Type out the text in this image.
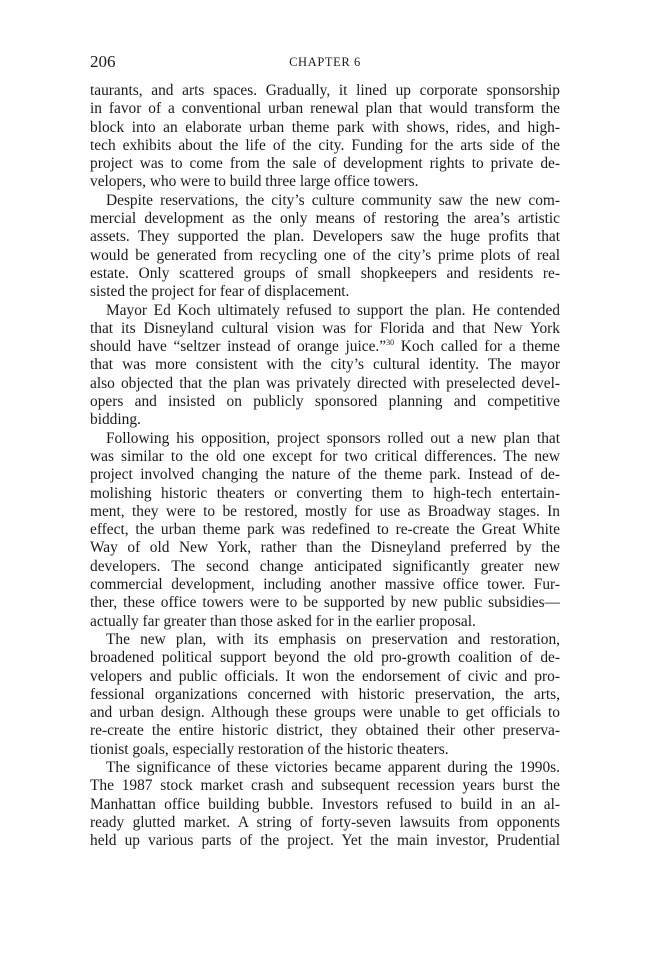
206	CHAPTER 6
taurants, and arts spaces. Gradually, it lined up corporate sponsorship
in favor of a conventional urban renewal plan that would transform the
block into an elaborate urban theme park with shows, rides, and high-
tech exhibits about the life of the city. Funding for the arts side of the
project was to come from the sale of development rights to private de-
velopers, who were to build three large office towers.
Despite reservations, the city’s culture community saw the new com-
mercial development as the only means of restoring the area’s artistic
assets. They supported the plan. Developers saw the huge profits that
would be generated from recycling one of the city’s prime plots of real
estate. Only scattered groups of small shopkeepers and residents re-
sisted the project for fear of displacement.
Mayor Ed Koch ultimately refused to support the plan. He contended
that its Disneyland cultural vision was for Florida and that New York
should have “seltzer instead of orange juice.”$^{30}$ Koch called for a theme
that was more consistent with the city’s cultural identity. The mayor
also objected that the plan was privately directed with preselected devel-
opers and insisted on publicly sponsored planning and competitive
bidding.
Following his opposition, project sponsors rolled out a new plan that
was similar to the old one except for two critical differences. The new
project involved changing the nature of the theme park. Instead of de-
molishing historic theaters or converting them to high-tech entertain-
ment, they were to be restored, mostly for use as Broadway stages. In
effect, the urban theme park was redefined to re-create the Great White
Way of old New York, rather than the Disneyland preferred by the
developers. The second change anticipated significantly greater new
commercial development, including another massive office tower. Fur-
ther, these office towers were to be supported by new public subsidies—
actually far greater than those asked for in the earlier proposal.
The new plan, with its emphasis on preservation and restoration,
broadened political support beyond the old pro-growth coalition of de-
velopers and public officials. It won the endorsement of civic and pro-
fessional organizations concerned with historic preservation, the arts,
and urban design. Although these groups were unable to get officials to
re-create the entire historic district, they obtained their other preserva-
tionist goals, especially restoration of the historic theaters.
The significance of these victories became apparent during the 1990s.
The 1987 stock market crash and subsequent recession years burst the
Manhattan office building bubble. Investors refused to build in an al-
ready glutted market. A string of forty-seven lawsuits from opponents
held up various parts of the project. Yet the main investor, Prudential
